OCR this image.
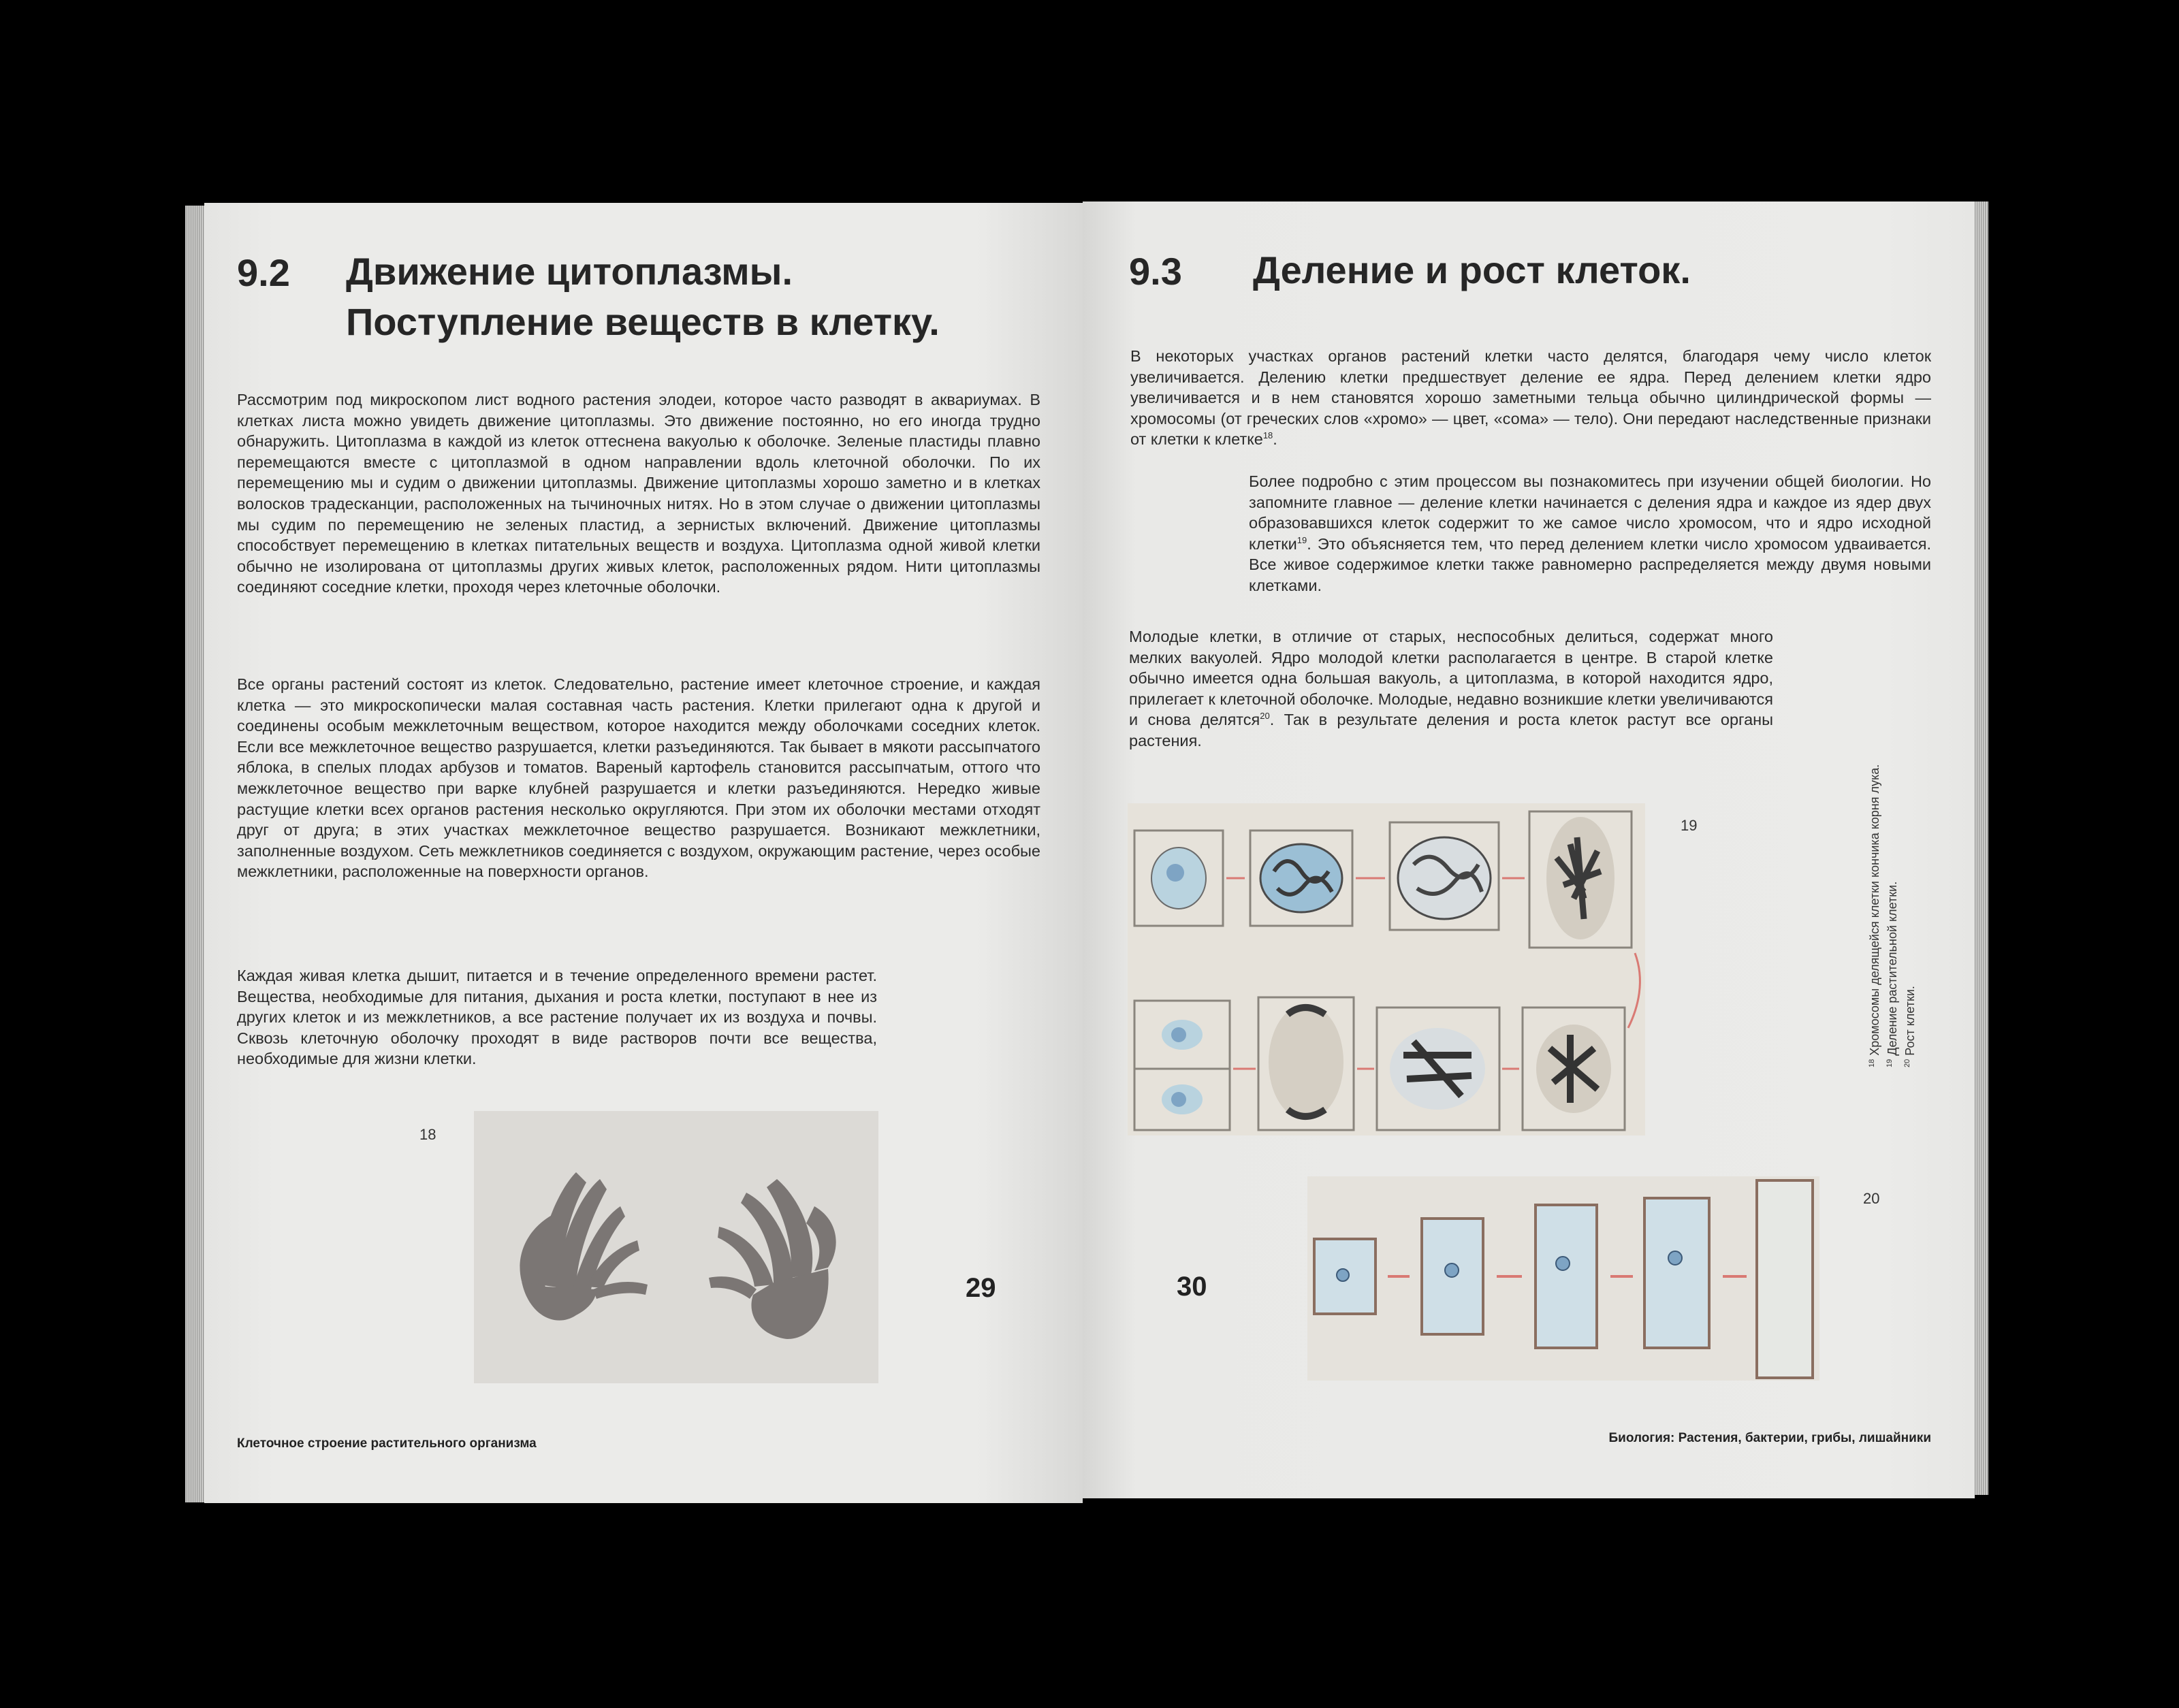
9.2 Движение цитоплазмы.
Поступление веществ в клетку.

Рассмотрим под микроскопом лист водного растения элодеи, которое часто разводят в аквариумах. В клетках листа можно увидеть движение цитоплазмы. Это движение постоянно, но его иногда трудно обнаружить. Цитоплазма в каждой из клеток оттеснена вакуолью к оболочке. Зеленые пластиды плавно перемещаются вместе с цитоплазмой в одном направлении вдоль клеточной оболочки. По их перемещению мы и судим о движении цитоплазмы. Движение цитоплазмы хорошо заметно и в клетках волосков традесканции, расположенных на тычиночных нитях. Но в этом случае о движении цитоплазмы мы судим по перемещению не зеленых пластид, а зернистых включений. Движение цитоплазмы способствует перемещению в клетках питательных веществ и воздуха. Цитоплазма одной живой клетки обычно не изолирована от цитоплазмы других живых клеток, расположенных рядом. Нити цитоплазмы соединяют соседние клетки, проходя через клеточные оболочки.

Все органы растений состоят из клеток. Следовательно, растение имеет клеточное строение, и каждая клетка — это микроскопически малая составная часть растения. Клетки прилегают одна к другой и соединены особым межклеточным веществом, которое находится между оболочками соседних клеток. Если все межклеточное вещество разрушается, клетки разъединяются. Так бывает в мякоти рассыпчатого яблока, в спелых плодах арбузов и томатов. Вареный картофель становится рассыпчатым, оттого что межклеточное вещество при варке клубней разрушается и клетки разъединяются. Нередко живые растущие клетки всех органов растения несколько округляются. При этом их оболочки местами отходят друг от друга; в этих участках межклеточное вещество разрушается. Возникают межклетники, заполненные воздухом. Сеть межклетников соединяется с воздухом, окружающим растение, через особые межклетники, расположенные на поверхности органов.

Каждая живая клетка дышит, питается и в течение определенного времени растет. Вещества, необходимые для питания, дыхания и роста клетки, поступают в нее из других клеток и из межклетников, а все растение получает их из воздуха и почвы. Сквозь клеточную оболочку проходят в виде растворов почти все вещества, необходимые для жизни клетки.

18
29
Клеточное строение растительного организма
9.3 Деление и рост клеток.

В некоторых участках органов растений клетки часто делятся, благодаря чему число клеток увеличивается. Делению клетки предшествует деление ее ядра. Перед делением клетки ядро увеличивается и в нем становятся хорошо заметными тельца обычно цилиндрической формы — хромосомы (от греческих слов «хромо» — цвет, «сома» — тело). Они передают наследственные признаки от клетки к клетке$^{18}$.

Более подробно с этим процессом вы познакомитесь при изучении общей биологии. Но запомните главное — деление клетки начинается с деления ядра и каждое из ядер двух образовавшихся клеток содержит то же самое число хромосом, что и ядро исходной клетки$^{19}$. Это объясняется тем, что перед делением клетки число хромосом удваивается. Все живое содержимое клетки также равномерно распределяется между двумя новыми клетками.

Молодые клетки, в отличие от старых, неспособных делиться, содержат много мелких вакуолей. Ядро молодой клетки располагается в центре. В старой клетке обычно имеется одна большая вакуоль, а цитоплазма, в которой находится ядро, прилегает к клеточной оболочке. Молодые, недавно возникшие клетки увеличиваются и снова делятся$^{20}$. Так в результате деления и роста клеток растут все органы растения.

19
20
30
$^{18}$ Хромосомы делящейся клетки кончика корня лука.
$^{19}$ Деление растительной клетки.
$^{20}$ Рост клетки.
Биология: Растения, бактерии, грибы, лишайники
